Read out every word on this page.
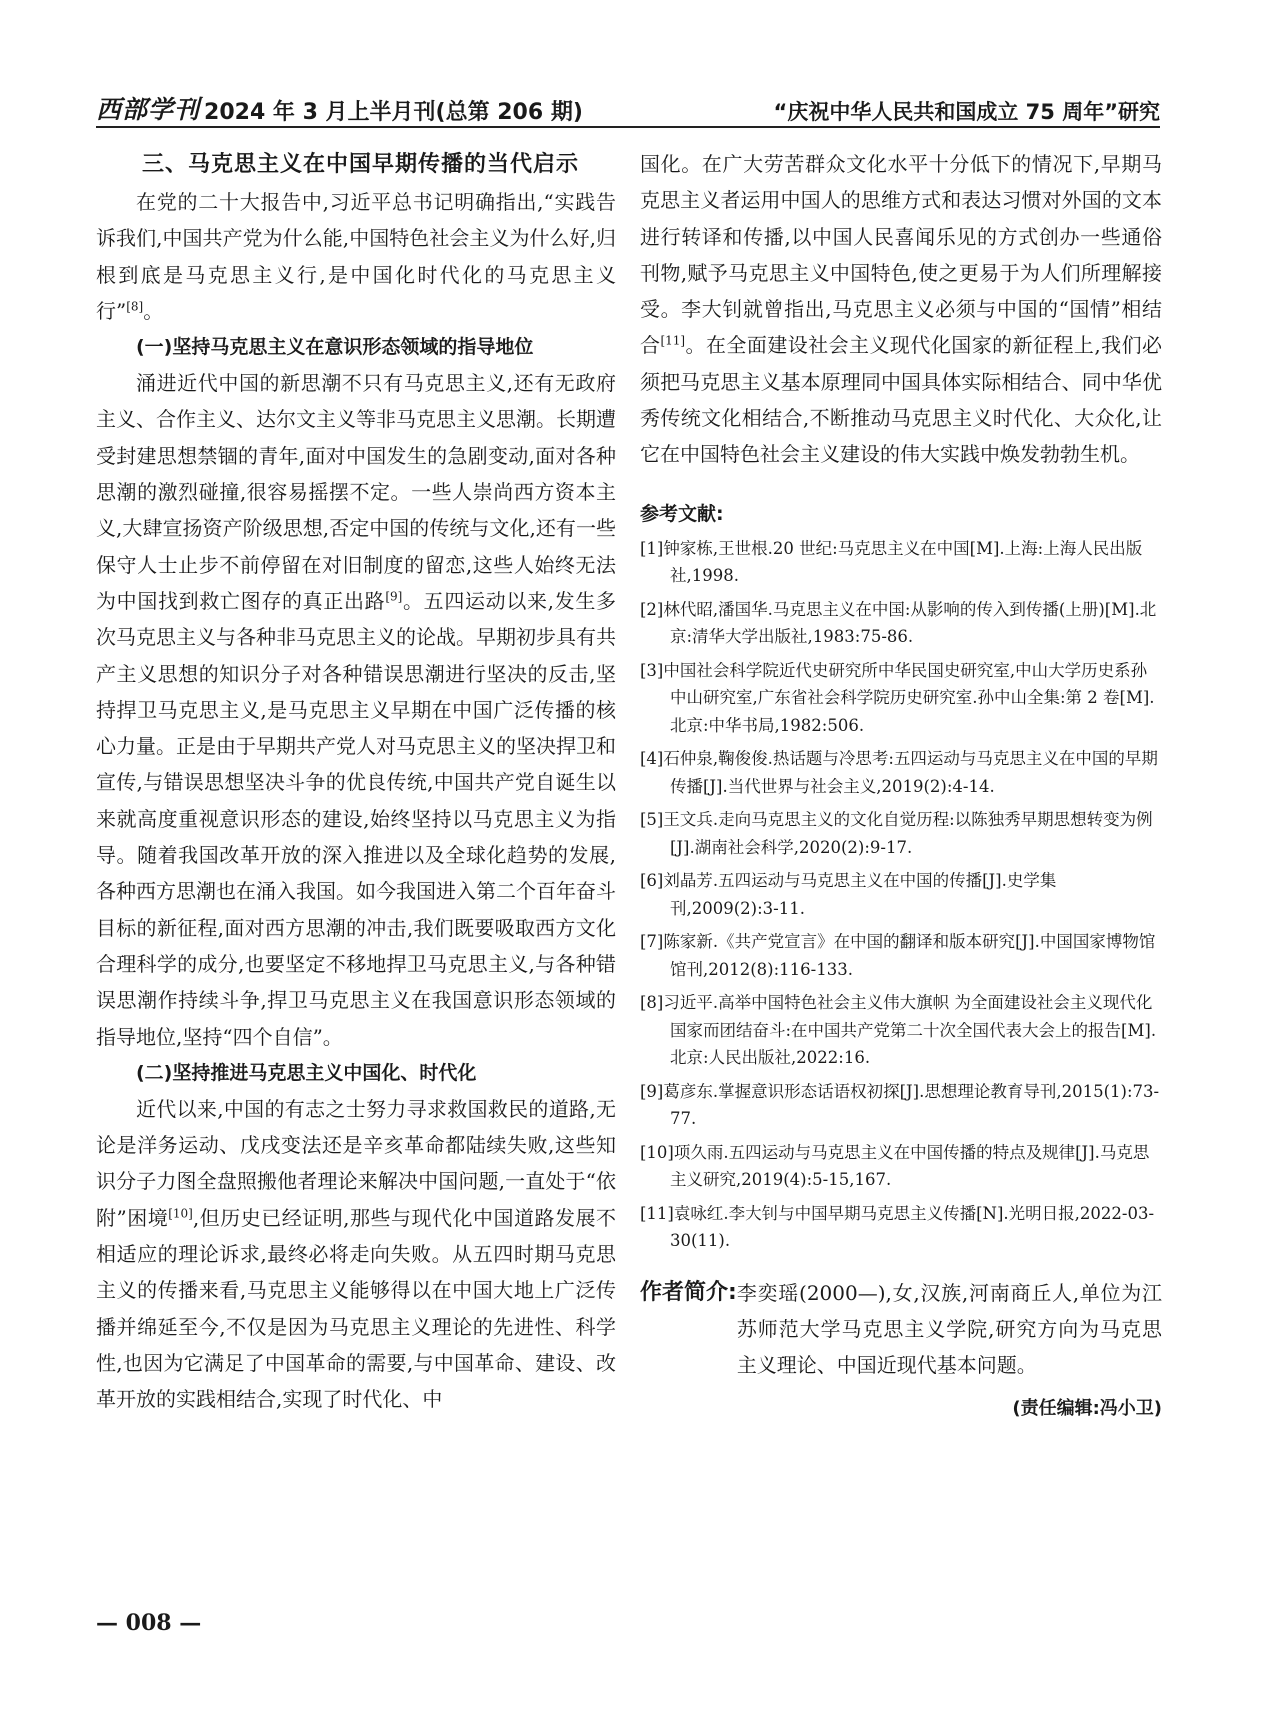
西部学刊 2024 年 3 月上半月刊(总第 206 期)	“庆祝中华人民共和国成立 75 周年”研究
三、马克思主义在中国早期传播的当代启示

在党的二十大报告中,习近平总书记明确指出,“实践告诉我们,中国共产党为什么能,中国特色社会主义为什么好,归根到底是马克思主义行,是中国化时代化的马克思主义行”[8]。

(一)坚持马克思主义在意识形态领域的指导地位

涌进近代中国的新思潮不只有马克思主义,还有无政府主义、合作主义、达尔文主义等非马克思主义思潮。长期遭受封建思想禁锢的青年,面对中国发生的急剧变动,面对各种思潮的激烈碰撞,很容易摇摆不定。一些人崇尚西方资本主义,大肆宣扬资产阶级思想,否定中国的传统与文化,还有一些保守人士止步不前停留在对旧制度的留恋,这些人始终无法为中国找到救亡图存的真正出路[9]。五四运动以来,发生多次马克思主义与各种非马克思主义的论战。早期初步具有共产主义思想的知识分子对各种错误思潮进行坚决的反击,坚持捍卫马克思主义,是马克思主义早期在中国广泛传播的核心力量。正是由于早期共产党人对马克思主义的坚决捍卫和宣传,与错误思想坚决斗争的优良传统,中国共产党自诞生以来就高度重视意识形态的建设,始终坚持以马克思主义为指导。随着我国改革开放的深入推进以及全球化趋势的发展,各种西方思潮也在涌入我国。如今我国进入第二个百年奋斗目标的新征程,面对西方思潮的冲击,我们既要吸取西方文化合理科学的成分,也要坚定不移地捍卫马克思主义,与各种错误思潮作持续斗争,捍卫马克思主义在我国意识形态领域的指导地位,坚持“四个自信”。

(二)坚持推进马克思主义中国化、时代化

近代以来,中国的有志之士努力寻求救国救民的道路,无论是洋务运动、戊戌变法还是辛亥革命都陆续失败,这些知识分子力图全盘照搬他者理论来解决中国问题,一直处于“依附”困境[10],但历史已经证明,那些与现代化中国道路发展不相适应的理论诉求,最终必将走向失败。从五四时期马克思主义的传播来看,马克思主义能够得以在中国大地上广泛传播并绵延至今,不仅是因为马克思主义理论的先进性、科学性,也因为它满足了中国革命的需要,与中国革命、建设、改革开放的实践相结合,实现了时代化、中

国化。在广大劳苦群众文化水平十分低下的情况下,早期马克思主义者运用中国人的思维方式和表达习惯对外国的文本进行转译和传播,以中国人民喜闻乐见的方式创办一些通俗刊物,赋予马克思主义中国特色,使之更易于为人们所理解接受。李大钊就曾指出,马克思主义必须与中国的“国情”相结合[11]。在全面建设社会主义现代化国家的新征程上,我们必须把马克思主义基本原理同中国具体实际相结合、同中华优秀传统文化相结合,不断推动马克思主义时代化、大众化,让它在中国特色社会主义建设的伟大实践中焕发勃勃生机。

参考文献:
[1]钟家栋,王世根.20 世纪:马克思主义在中国[M].上海:上海人民出版社,1998.
[2]林代昭,潘国华.马克思主义在中国:从影响的传入到传播(上册)[M].北京:清华大学出版社,1983:75-86.
[3]中国社会科学院近代史研究所中华民国史研究室,中山大学历史系孙中山研究室,广东省社会科学院历史研究室.孙中山全集:第 2 卷[M].北京:中华书局,1982:506.
[4]石仲泉,鞠俊俊.热话题与冷思考:五四运动与马克思主义在中国的早期传播[J].当代世界与社会主义,2019(2):4-14.
[5]王文兵.走向马克思主义的文化自觉历程:以陈独秀早期思想转变为例[J].湖南社会科学,2020(2):9-17.
[6]刘晶芳.五四运动与马克思主义在中国的传播[J].史学集刊,2009(2):3-11.
[7]陈家新.《共产党宣言》在中国的翻译和版本研究[J].中国国家博物馆馆刊,2012(8):116-133.
[8]习近平.高举中国特色社会主义伟大旗帜 为全面建设社会主义现代化国家而团结奋斗:在中国共产党第二十次全国代表大会上的报告[M].北京:人民出版社,2022:16.
[9]葛彦东.掌握意识形态话语权初探[J].思想理论教育导刊,2015(1):73-77.
[10]项久雨.五四运动与马克思主义在中国传播的特点及规律[J].马克思主义研究,2019(4):5-15,167.
[11]袁咏红.李大钊与中国早期马克思主义传播[N].光明日报,2022-03-30(11).
作者简介: 李奕瑶(2000—),女,汉族,河南商丘人,单位为江苏师范大学马克思主义学院,研究方向为马克思主义理论、中国近现代基本问题。
(责任编辑:冯小卫)
— 008 —
